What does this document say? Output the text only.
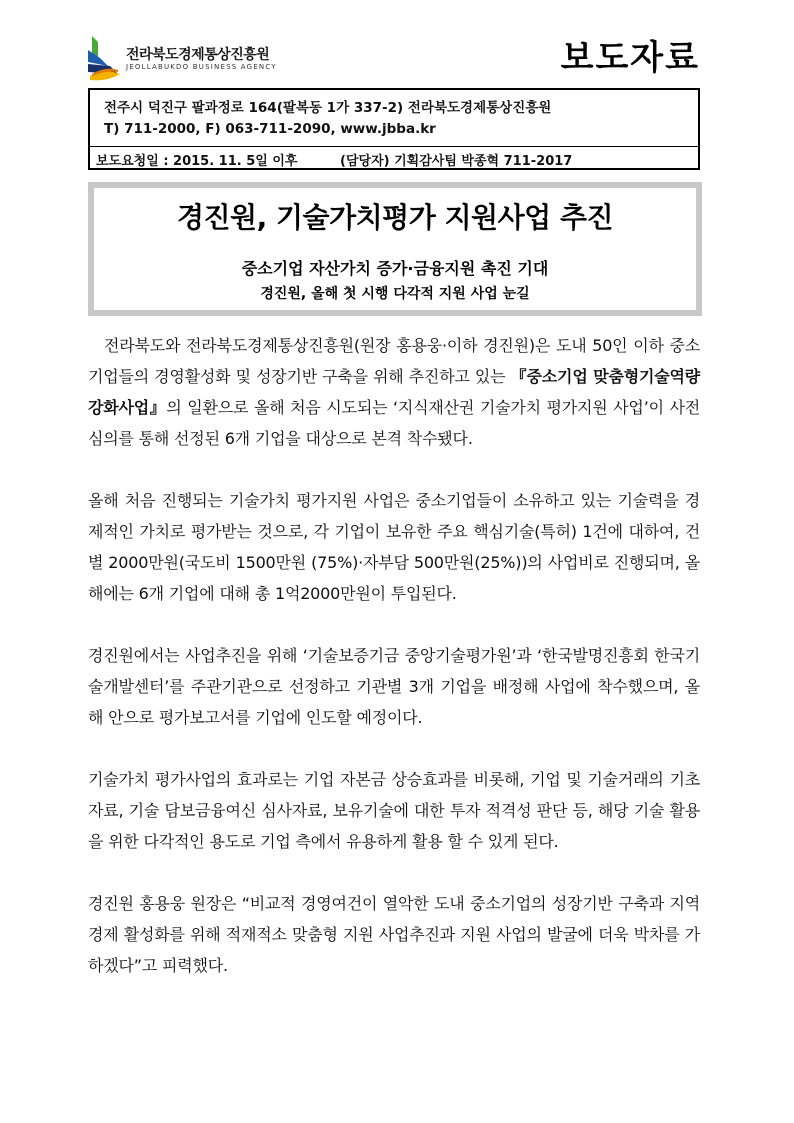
전라북도경제통상진흥원
JEOLLABUKDO BUSINESS AGENCY	보도자료
전주시 덕진구 팔과정로 164(팔복동 1가 337-2) 전라북도경제통상진흥원
T) 711-2000, F) 063-711-2090, www.jbba.kr
보도요청일 : 2015. 11. 5일 이후	(담당자) 기획감사팀 박종혁 711-2017
경진원, 기술가치평가 지원사업 추진
중소기업 자산가치 증가·금융지원 촉진 기대
경진원, 올해 첫 시행 다각적 지원 사업 눈길

전라북도와 전라북도경제통상진흥원(원장 홍용웅·이하 경진원)은 도내 50인 이하 중소기업들의 경영활성화 및 성장기반 구축을 위해 추진하고 있는 『중소기업 맞춤형기술역량 강화사업』의 일환으로 올해 처음 시도되는 ‘지식재산권 기술가치 평가지원 사업’이 사전심의를 통해 선정된 6개 기업을 대상으로 본격 착수됐다.

올해 처음 진행되는 기술가치 평가지원 사업은 중소기업들이 소유하고 있는 기술력을 경제적인 가치로 평가받는 것으로, 각 기업이 보유한 주요 핵심기술(특허) 1건에 대하여, 건별 2000만원(국도비 1500만원 (75%)·자부담 500만원(25%))의 사업비로 진행되며, 올해에는 6개 기업에 대해 총 1억2000만원이 투입된다.

경진원에서는 사업추진을 위해 ‘기술보증기금 중앙기술평가원’과 ‘한국발명진흥회 한국기술개발센터’를 주관기관으로 선정하고 기관별 3개 기업을 배정해 사업에 착수했으며, 올해 안으로 평가보고서를 기업에 인도할 예정이다.

기술가치 평가사업의 효과로는 기업 자본금 상승효과를 비롯해, 기업 및 기술거래의 기초자료, 기술 담보금융여신 심사자료, 보유기술에 대한 투자 적격성 판단 등, 해당 기술 활용을 위한 다각적인 용도로 기업 측에서 유용하게 활용 할 수 있게 된다.

경진원 홍용웅 원장은 “비교적 경영여건이 열악한 도내 중소기업의 성장기반 구축과 지역경제 활성화를 위해 적재적소 맞춤형 지원 사업추진과 지원 사업의 발굴에 더욱 박차를 가하겠다”고 피력했다.
